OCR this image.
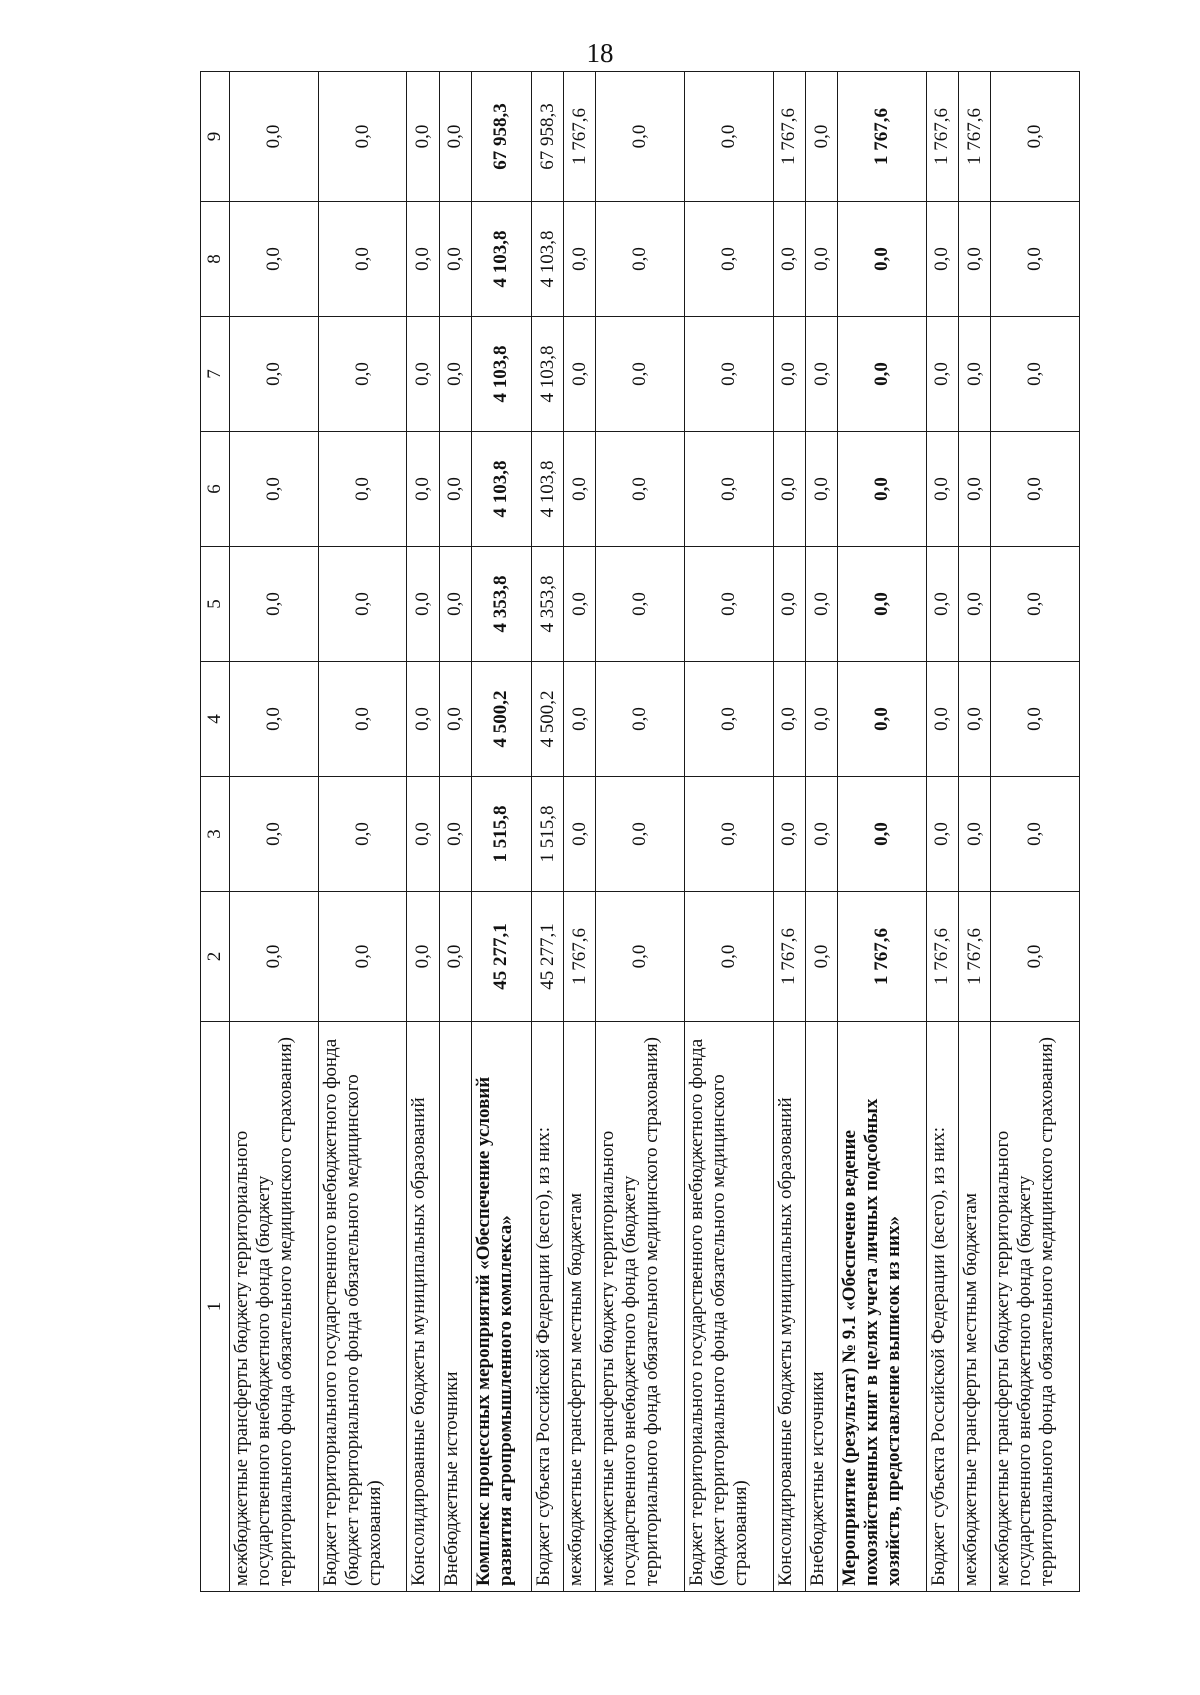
18
1	2	3	4	5	6	7	8	9
межбюджетные трансферты бюджету территориального государственного внебюджетного фонда (бюджету территориального фонда обязательного медицинского страхования)	0,0	0,0	0,0	0,0	0,0	0,0	0,0	0,0
Бюджет территориального государственного внебюджетного фонда (бюджет территориального фонда обязательного медицинского страхования)	0,0	0,0	0,0	0,0	0,0	0,0	0,0	0,0
Консолидированные бюджеты муниципальных образований	0,0	0,0	0,0	0,0	0,0	0,0	0,0	0,0
Внебюджетные источники	0,0	0,0	0,0	0,0	0,0	0,0	0,0	0,0
Комплекс процессных мероприятий «Обеспечение условий развития агропромышленного комплекса»	45 277,1	1 515,8	4 500,2	4 353,8	4 103,8	4 103,8	4 103,8	67 958,3
Бюджет субъекта Российской Федерации (всего), из них:	45 277,1	1 515,8	4 500,2	4 353,8	4 103,8	4 103,8	4 103,8	67 958,3
межбюджетные трансферты местным бюджетам	1 767,6	0,0	0,0	0,0	0,0	0,0	0,0	1 767,6
межбюджетные трансферты бюджету территориального государственного внебюджетного фонда (бюджету территориального фонда обязательного медицинского страхования)	0,0	0,0	0,0	0,0	0,0	0,0	0,0	0,0
Бюджет территориального государственного внебюджетного фонда (бюджет территориального фонда обязательного медицинского страхования)	0,0	0,0	0,0	0,0	0,0	0,0	0,0	0,0
Консолидированные бюджеты муниципальных образований	1 767,6	0,0	0,0	0,0	0,0	0,0	0,0	1 767,6
Внебюджетные источники	0,0	0,0	0,0	0,0	0,0	0,0	0,0	0,0
Мероприятие (результат) № 9.1 «Обеспечено ведение похозяйственных книг в целях учета личных подсобных хозяйств, предоставление выписок из них»	1 767,6	0,0	0,0	0,0	0,0	0,0	0,0	1 767,6
Бюджет субъекта Российской Федерации (всего), из них:	1 767,6	0,0	0,0	0,0	0,0	0,0	0,0	1 767,6
межбюджетные трансферты местным бюджетам	1 767,6	0,0	0,0	0,0	0,0	0,0	0,0	1 767,6
межбюджетные трансферты бюджету территориального государственного внебюджетного фонда (бюджету территориального фонда обязательного медицинского страхования)	0,0	0,0	0,0	0,0	0,0	0,0	0,0	0,0
